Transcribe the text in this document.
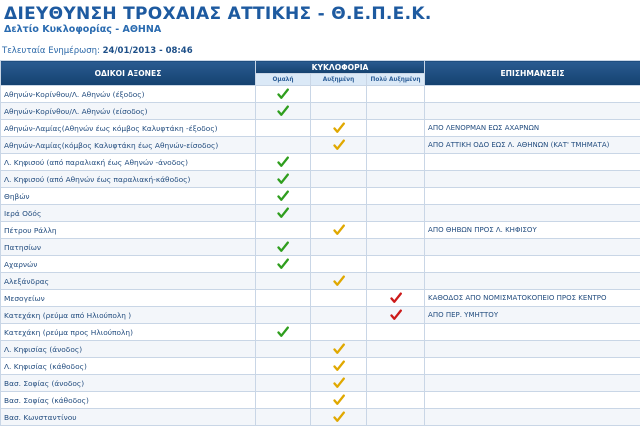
ΔΙΕΥΘΥΝΣΗ ΤΡΟΧΑΙΑΣ ΑΤΤΙΚΗΣ - Θ.Ε.Π.Ε.Κ.
Δελτίο Κυκλοφορίας - ΑΘΗΝΑ
Τελευταία Ενημέρωση: 24/01/2013 - 08:46
ΟΔΙΚΟΙ ΑΞΟΝΕΣ	ΚΥΚΛΟΦΟΡΙΑ			ΕΠΙΣΗΜΑΝΣΕΙΣ
	Ομαλή	Αυξημένη	Πολύ Αυξημένη	
Αθηνών-Κορίνθου/Λ. Αθηνών (έξοδος)				
Αθηνών-Κορίνθου/Λ. Αθηνών (είσοδος)				
Αθηνών-Λαμίας(Αθηνών έως κόμβος Καλυφτάκη -έξοδος)				ΑΠΟ ΛΕΝΟΡΜΑΝ ΕΩΣ ΑΧΑΡΝΩΝ
Αθηνών-Λαμίας(κόμβος Καλυφτάκη έως Αθηνών-είσοδος)				ΑΠΟ ΑΤΤΙΚΗ ΟΔΟ ΕΩΣ Λ. ΑΘΗΝΩΝ (ΚΑΤ' ΤΜΗΜΑΤΑ)
Λ. Κηφισού (από παραλιακή έως Αθηνών -άνοδος)				
Λ. Κηφισού (από Αθηνών έως παραλιακή-κάθοδος)				
Θηβών				
Ιερά Οδός				
Πέτρου Ράλλη				ΑΠΟ ΘΗΒΩΝ ΠΡΟΣ Λ. ΚΗΦΙΣΟΥ
Πατησίων				
Αχαρνών				
Αλεξάνδρας				
Μεσογείων				ΚΑΘΟΔΟΣ ΑΠΟ ΝΟΜΙΣΜΑΤΟΚΟΠΕΙΟ ΠΡΟΣ ΚΕΝΤΡΟ
Κατεχάκη (ρεύμα από Ηλιούπολη )				ΑΠΟ ΠΕΡ. ΥΜΗΤΤΟΥ
Κατεχάκη (ρεύμα προς Ηλιούπολη)				
Λ. Κηφισίας (άνοδος)				
Λ. Κηφισίας (κάθοδος)				
Βασ. Σοφίας (άνοδος)				
Βασ. Σοφίας (κάθοδος)				
Βασ. Κωνσταντίνου				
